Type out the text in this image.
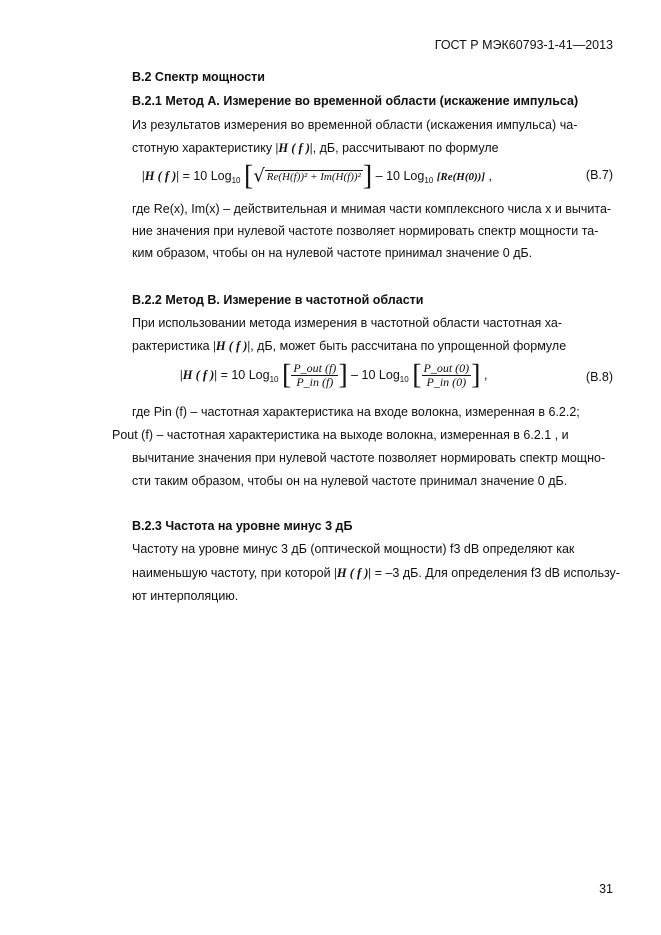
ГОСТ Р МЭК60793-1-41—2013
В.2 Спектр мощности
В.2.1 Метод А. Измерение во временной области (искажение импульса)
Из результатов измерения во временной области (искажения импульса) ча-
стотную характеристику |H ( f )|, дБ, рассчитывают по формуле
|H ( f )| = 10 Log$_{10}$ [√ Re(H(f))² + Im(H(f))²] – 10 Log$_{10}$ [Re(H(0))] ,	(В.7)
где Re(x), Im(x) – действительная и мнимая части комплексного числа x и вычита-
ние значения при нулевой частоте позволяет нормировать спектр мощности та-
ким образом, чтобы он на нулевой частоте принимал значение 0 дБ.
В.2.2 Метод В. Измерение в частотной области
При использовании метода измерения в частотной области частотная ха-
рактеристика |H ( f )|, дБ, может быть рассчитана по упрощенной формуле
|H ( f )| = 10 Log$_{10}$ [ $\frac{\text{P\_out (f)}}{P\_in (f)}$ ] – 10 Log$_{10}$ [ $\frac{\text{P\_out (0)}}{P\_in (0)}$ ] ,	(В.8)
где Pin (f) – частотная характеристика на входе волокна, измеренная в 6.2.2;
Pout (f) – частотная характеристика на выходе волокна, измеренная в 6.2.1 , и
вычитание значения при нулевой частоте позволяет нормировать спектр мощно-
сти таким образом, чтобы он на нулевой частоте принимал значение 0 дБ.
В.2.3 Частота на уровне минус 3 дБ
Частоту на уровне минус 3 дБ (оптической мощности) f3 dB определяют как
наименьшую частоту, при которой |H ( f )| = –3 дБ. Для определения f3 dB использу-
ют интерполяцию.
31
